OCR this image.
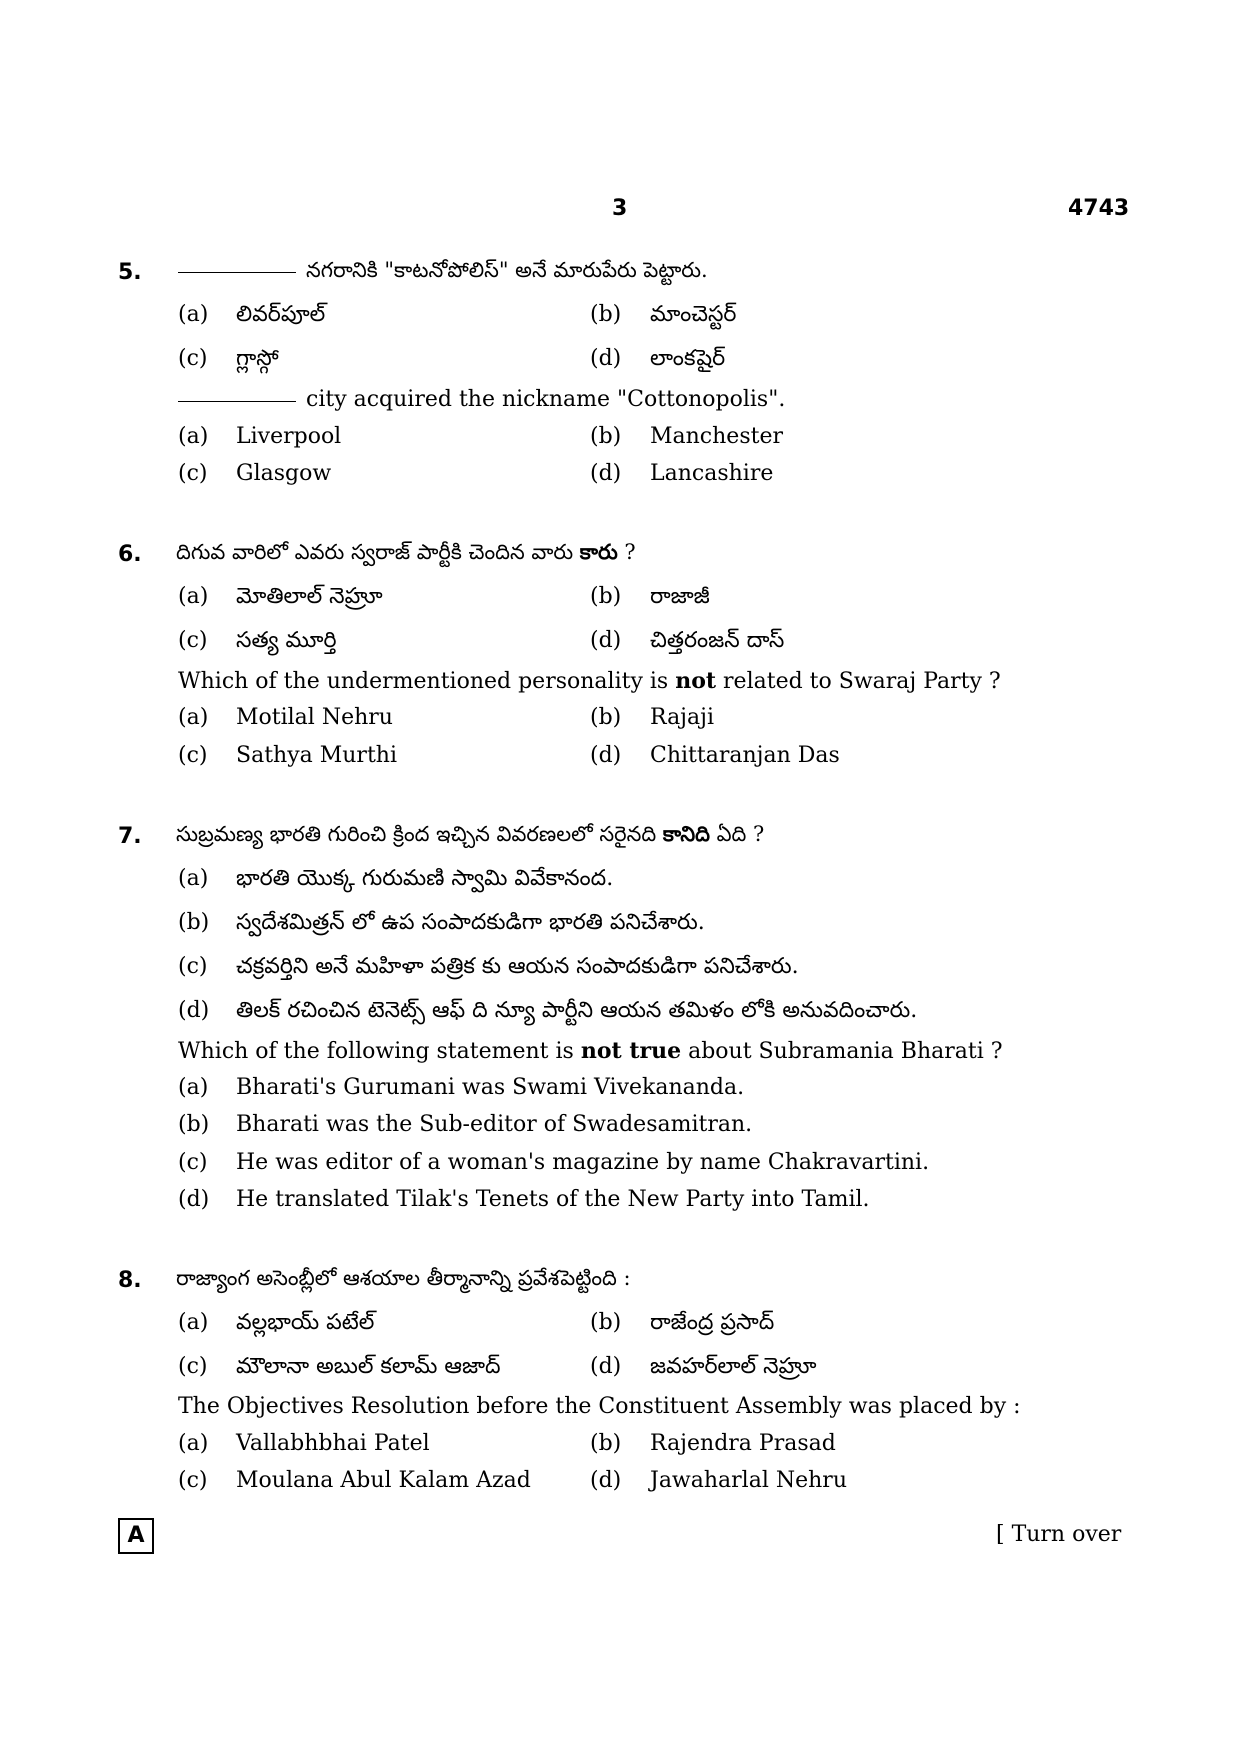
3	4743
5.	నగరానికి "కాటనోపోలిస్" అనే మారుపేరు పెట్టారు.
(a) లివర్‌పూల్	(b) మాంచెస్టర్
(c) గ్లాస్గో	(d) లాంకషైర్
city acquired the nickname "Cottonopolis".
(a) Liverpool	(b) Manchester
(c) Glasgow	(d) Lancashire
6. దిగువ వారిలో ఎవరు స్వరాజ్ పార్టీకి చెందిన వారు కారు ?
(a) మోతిలాల్ నెహ్రూ	(b) రాజాజీ
(c) సత్య మూర్తి	(d) చిత్తరంజన్ దాస్
Which of the undermentioned personality is not related to Swaraj Party ?
(a) Motilal Nehru	(b) Rajaji
(c) Sathya Murthi	(d) Chittaranjan Das
7. సుబ్రమణ్య భారతి గురించి క్రింద ఇచ్చిన వివరణలలో సరైనది కానిది ఏది ?
(a) భారతి యొక్క గురుమణి స్వామి వివేకానంద.
(b) స్వదేశమిత్రన్ లో ఉప సంపాదకుడిగా భారతి పనిచేశారు.
(c) చక్రవర్తిని అనే మహిళా పత్రిక కు ఆయన సంపాదకుడిగా పనిచేశారు.
(d) తిలక్ రచించిన టెనెట్స్ ఆఫ్ ది న్యూ పార్టీని ఆయన తమిళం లోకి అనువదించారు.
Which of the following statement is not true about Subramania Bharati ?
(a) Bharati's Gurumani was Swami Vivekananda.
(b) Bharati was the Sub-editor of Swadesamitran.
(c) He was editor of a woman's magazine by name Chakravartini.
(d) He translated Tilak's Tenets of the New Party into Tamil.
8. రాజ్యాంగ అసెంబ్లీలో ఆశయాల తీర్మానాన్ని ప్రవేశపెట్టింది :
(a) వల్లభాయ్ పటేల్	(b) రాజేంద్ర ప్రసాద్
(c) మౌలానా అబుల్ కలామ్ ఆజాద్	(d) జవహర్‌లాల్ నెహ్రూ
The Objectives Resolution before the Constituent Assembly was placed by :
(a) Vallabhbhai Patel	(b) Rajendra Prasad
(c) Moulana Abul Kalam Azad	(d) Jawaharlal Nehru
A	[ Turn over
